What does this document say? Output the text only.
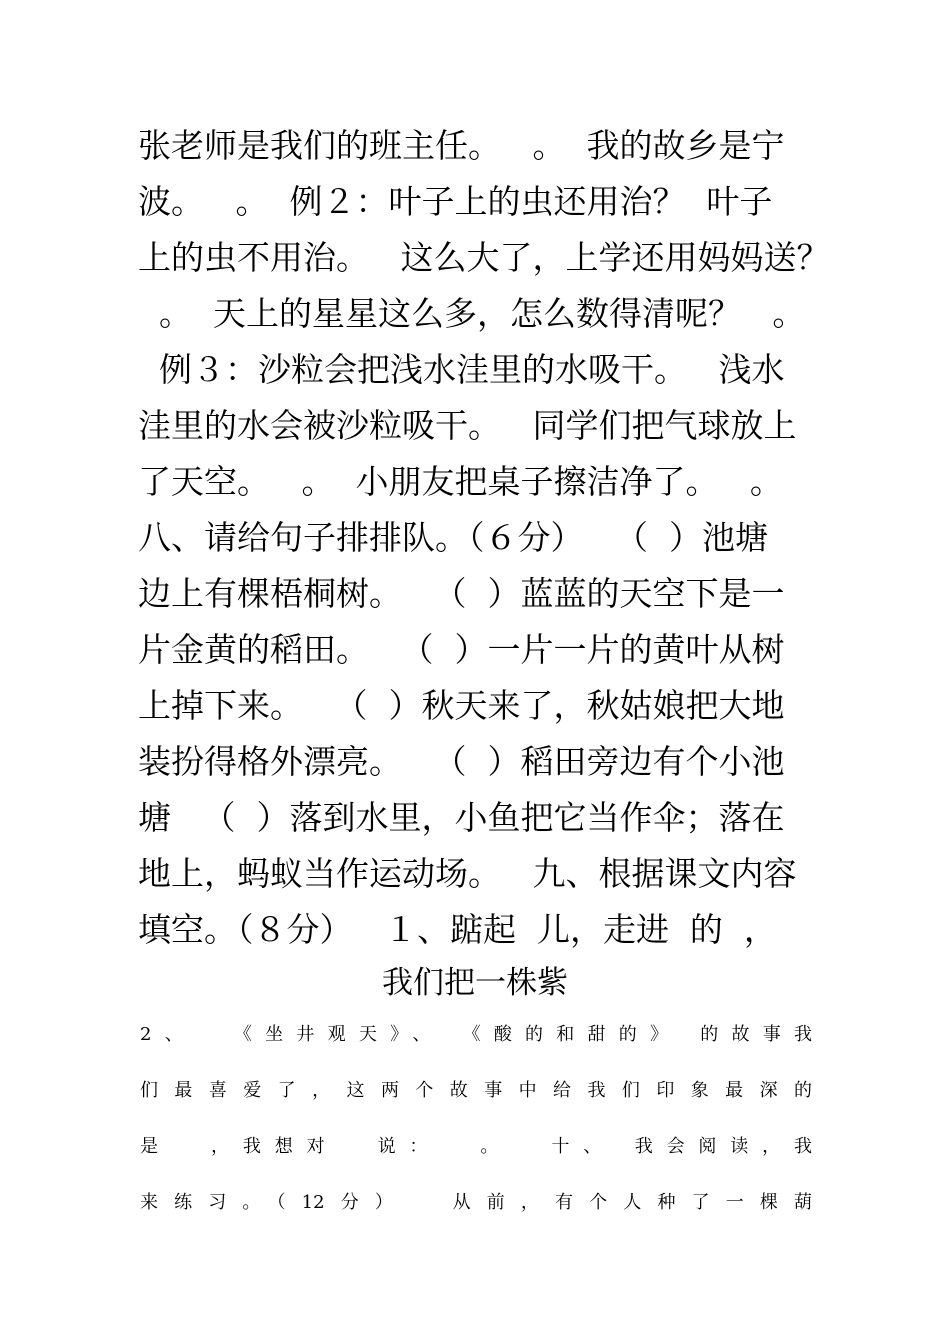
张老师是我们的班主任。   。  我的故乡是宁

波。   。  例２：叶子上的虫还用治？  叶子

上的虫不用治。   这么大了，上学还用妈妈送？

。  天上的星星这么多，怎么数得清呢？   。

例３：沙粒会把浅水洼里的水吸干。   浅水

洼里的水会被沙粒吸干。   同学们把气球放上

了天空。   。  小朋友把桌子擦洁净了。   。

八、请给句子排排队。（６分）   （  ）池塘

边上有棵梧桐树。   （  ）蓝蓝的天空下是一

片金黄的稻田。   （  ）一片一片的黄叶从树

上掉下来。   （  ）秋天来了，秋姑娘把大地

装扮得格外漂亮。   （  ）稻田旁边有个小池

塘   （  ）落到水里，小鱼把它当作伞；落在

地上，蚂蚁当作运动场。   九、根据课文内容

填空。（８分）   １、踮起  儿，走进  的  ，

我们把一株紫

2、  《坐井观天》、 《酸的和甜的》 的故事我

们最喜爱了，这两个故事中给我们印象最深的

是  ，我想对  说：  。  十、 我会阅读，我

来练习。（12分）  从前，有个人种了一棵葫
